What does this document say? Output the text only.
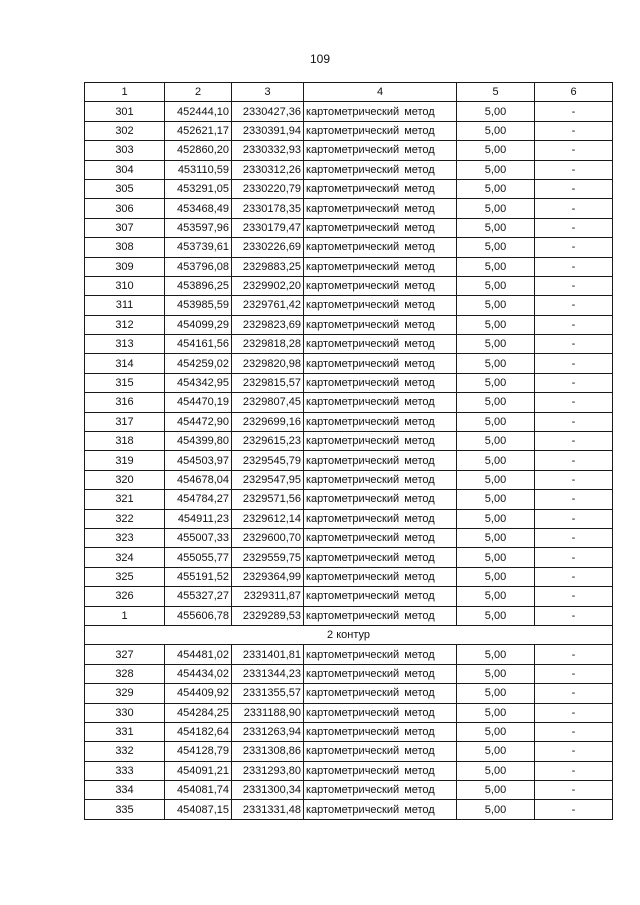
109
1	2	3	4	5	6
301	452444,10	2330427,36	картометрический метод	5,00	-
302	452621,17	2330391,94	картометрический метод	5,00	-
303	452860,20	2330332,93	картометрический метод	5,00	-
304	453110,59	2330312,26	картометрический метод	5,00	-
305	453291,05	2330220,79	картометрический метод	5,00	-
306	453468,49	2330178,35	картометрический метод	5,00	-
307	453597,96	2330179,47	картометрический метод	5,00	-
308	453739,61	2330226,69	картометрический метод	5,00	-
309	453796,08	2329883,25	картометрический метод	5,00	-
310	453896,25	2329902,20	картометрический метод	5,00	-
311	453985,59	2329761,42	картометрический метод	5,00	-
312	454099,29	2329823,69	картометрический метод	5,00	-
313	454161,56	2329818,28	картометрический метод	5,00	-
314	454259,02	2329820,98	картометрический метод	5,00	-
315	454342,95	2329815,57	картометрический метод	5,00	-
316	454470,19	2329807,45	картометрический метод	5,00	-
317	454472,90	2329699,16	картометрический метод	5,00	-
318	454399,80	2329615,23	картометрический метод	5,00	-
319	454503,97	2329545,79	картометрический метод	5,00	-
320	454678,04	2329547,95	картометрический метод	5,00	-
321	454784,27	2329571,56	картометрический метод	5,00	-
322	454911,23	2329612,14	картометрический метод	5,00	-
323	455007,33	2329600,70	картометрический метод	5,00	-
324	455055,77	2329559,75	картометрический метод	5,00	-
325	455191,52	2329364,99	картометрический метод	5,00	-
326	455327,27	2329311,87	картометрический метод	5,00	-
1	455606,78	2329289,53	картометрический метод	5,00	-
2 контур					
327	454481,02	2331401,81	картометрический метод	5,00	-
328	454434,02	2331344,23	картометрический метод	5,00	-
329	454409,92	2331355,57	картометрический метод	5,00	-
330	454284,25	2331188,90	картометрический метод	5,00	-
331	454182,64	2331263,94	картометрический метод	5,00	-
332	454128,79	2331308,86	картометрический метод	5,00	-
333	454091,21	2331293,80	картометрический метод	5,00	-
334	454081,74	2331300,34	картометрический метод	5,00	-
335	454087,15	2331331,48	картометрический метод	5,00	-
